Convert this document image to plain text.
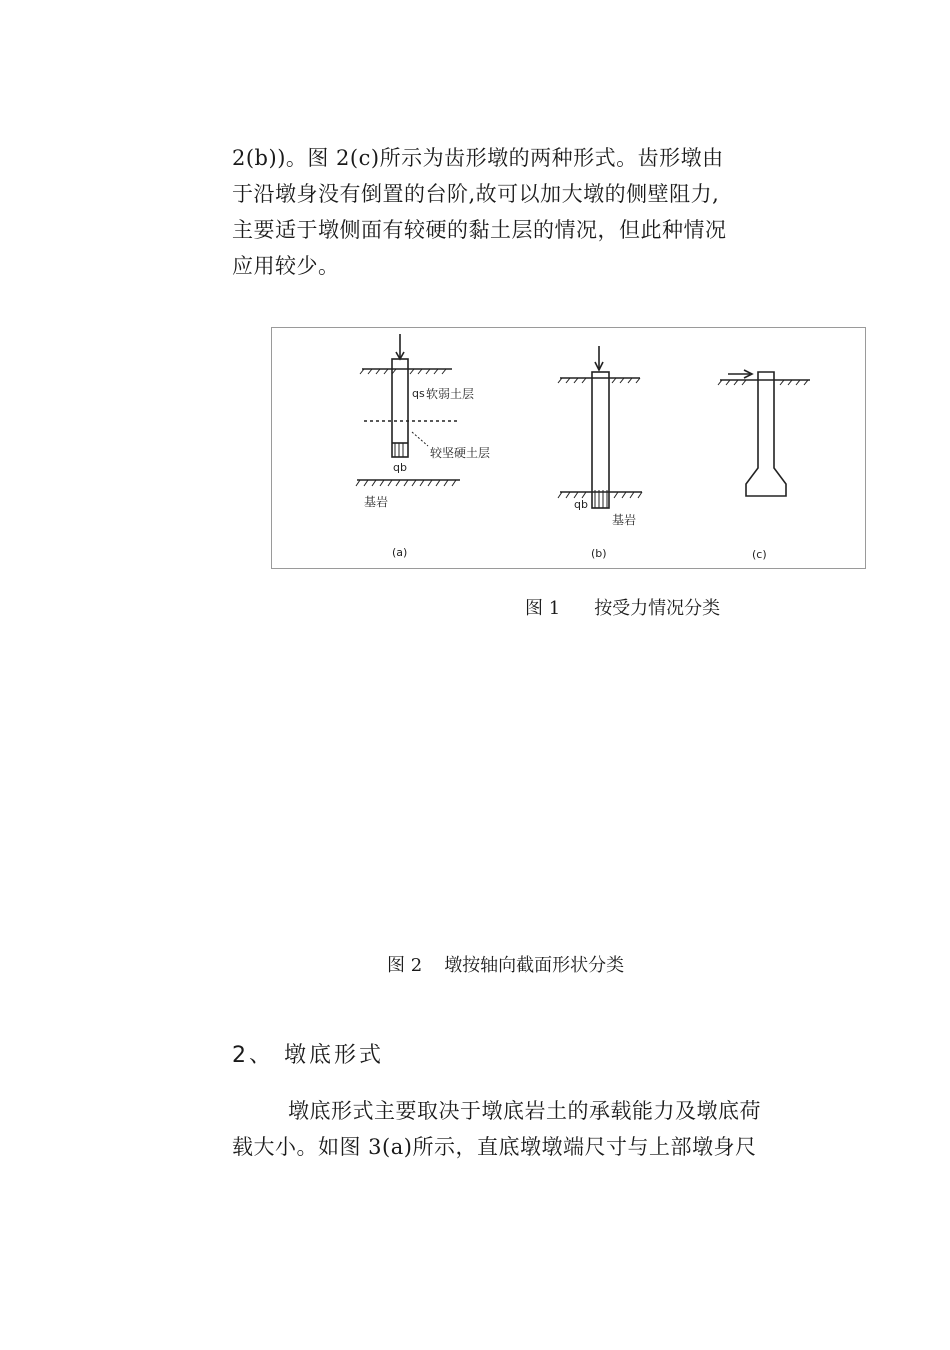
2(b))。图 2(c)所示为齿形墩的两种形式。齿形墩由
于沿墩身没有倒置的台阶,故可以加大墩的侧壁阻力,
主要适于墩侧面有较硬的黏土层的情况，但此种情况
应用较少。
qs 软弱土层
较坚硬土层
qb
基岩	qb
基岩
(a)	(b)	(c)
图 1 按受力情况分类
图 2 墩按轴向截面形状分类
2、 墩底形式
墩底形式主要取决于墩底岩土的承载能力及墩底荷
载大小。如图 3(a)所示，直底墩墩端尺寸与上部墩身尺
